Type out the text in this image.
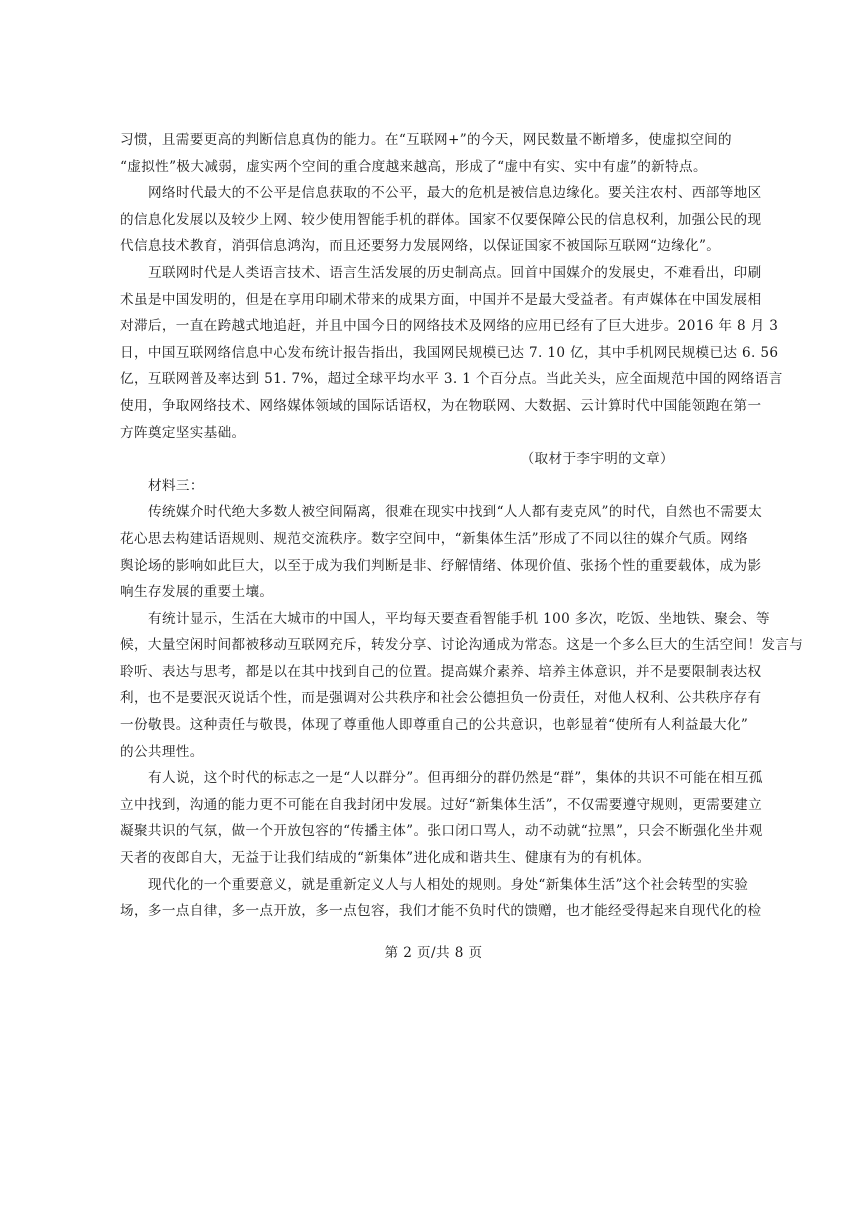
习惯，且需要更高的判断信息真伪的能力。在“互联网+”的今天，网民数量不断增多，使虚拟空间的
“虚拟性”极大减弱，虚实两个空间的重合度越来越高，形成了“虚中有实、实中有虚”的新特点。
网络时代最大的不公平是信息获取的不公平，最大的危机是被信息边缘化。要关注农村、西部等地区
的信息化发展以及较少上网、较少使用智能手机的群体。国家不仅要保障公民的信息权利，加强公民的现
代信息技术教育，消弭信息鸿沟，而且还要努力发展网络，以保证国家不被国际互联网“边缘化”。
互联网时代是人类语言技术、语言生活发展的历史制高点。回首中国媒介的发展史，不难看出，印刷
术虽是中国发明的，但是在享用印刷术带来的成果方面，中国并不是最大受益者。有声媒体在中国发展相
对滞后，一直在跨越式地追赶，并且中国今日的网络技术及网络的应用已经有了巨大进步。2016 年 8 月 3
日，中国互联网络信息中心发布统计报告指出，我国网民规模已达 7. 10 亿，其中手机网民规模已达 6. 56
亿，互联网普及率达到 51. 7%，超过全球平均水平 3. 1 个百分点。当此关头，应全面规范中国的网络语言
使用，争取网络技术、网络媒体领域的国际话语权，为在物联网、大数据、云计算时代中国能领跑在第一
方阵奠定坚实基础。
（取材于李宇明的文章）
材料三：
传统媒介时代绝大多数人被空间隔离，很难在现实中找到“人人都有麦克风”的时代，自然也不需要太
花心思去构建话语规则、规范交流秩序。数字空间中，“新集体生活”形成了不同以往的媒介气质。网络
舆论场的影响如此巨大，以至于成为我们判断是非、纾解情绪、体现价值、张扬个性的重要载体，成为影
响生存发展的重要土壤。
有统计显示，生活在大城市的中国人，平均每天要查看智能手机 100 多次，吃饭、坐地铁、聚会、等
候，大量空闲时间都被移动互联网充斥，转发分享、讨论沟通成为常态。这是一个多么巨大的生活空间！发言与
聆听、表达与思考，都是以在其中找到自己的位置。提高媒介素养、培养主体意识，并不是要限制表达权
利，也不是要泯灭说话个性，而是强调对公共秩序和社会公德担负一份责任，对他人权利、公共秩序存有
一份敬畏。这种责任与敬畏，体现了尊重他人即尊重自己的公共意识，也彰显着“使所有人利益最大化”
的公共理性。
有人说，这个时代的标志之一是“人以群分”。但再细分的群仍然是“群”，集体的共识不可能在相互孤
立中找到，沟通的能力更不可能在自我封闭中发展。过好“新集体生活”，不仅需要遵守规则，更需要建立
凝聚共识的气氛，做一个开放包容的“传播主体”。张口闭口骂人，动不动就“拉黑”，只会不断强化坐井观
天者的夜郎自大，无益于让我们结成的“新集体”进化成和谐共生、健康有为的有机体。
现代化的一个重要意义，就是重新定义人与人相处的规则。身处“新集体生活”这个社会转型的实验
场，多一点自律，多一点开放，多一点包容，我们才能不负时代的馈赠，也才能经受得起来自现代化的检
第 2 页/共 8 页
